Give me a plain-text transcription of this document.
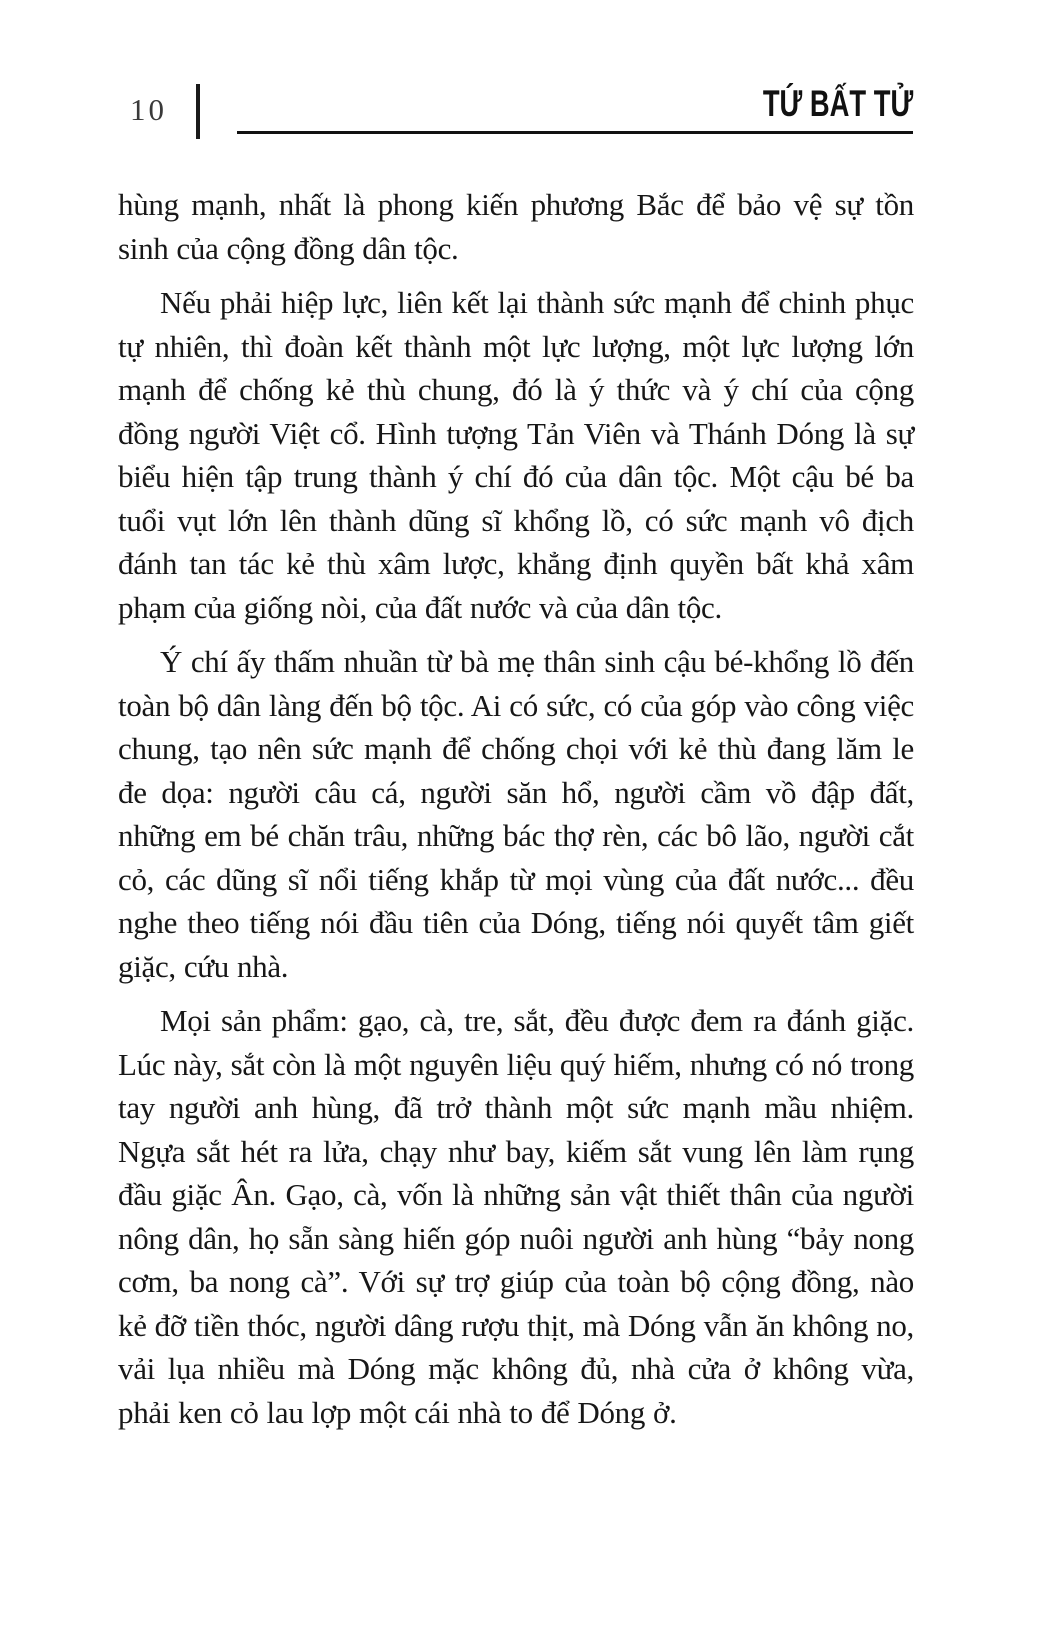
10	TỨ BẤT TỬ

hùng mạnh, nhất là phong kiến phương Bắc để bảo vệ sự tồn sinh của cộng đồng dân tộc.

Nếu phải hiệp lực, liên kết lại thành sức mạnh để chinh phục tự nhiên, thì đoàn kết thành một lực lượng, một lực lượng lớn mạnh để chống kẻ thù chung, đó là ý thức và ý chí của cộng đồng người Việt cổ. Hình tượng Tản Viên và Thánh Dóng là sự biểu hiện tập trung thành ý chí đó của dân tộc. Một cậu bé ba tuổi vụt lớn lên thành dũng sĩ khổng lồ, có sức mạnh vô địch đánh tan tác kẻ thù xâm lược, khẳng định quyền bất khả xâm phạm của giống nòi, của đất nước và của dân tộc.

Ý chí ấy thấm nhuần từ bà mẹ thân sinh cậu bé-khổng lồ đến toàn bộ dân làng đến bộ tộc. Ai có sức, có của góp vào công việc chung, tạo nên sức mạnh để chống chọi với kẻ thù đang lăm le đe dọa: người câu cá, người săn hổ, người cầm vồ đập đất, những em bé chăn trâu, những bác thợ rèn, các bô lão, người cắt cỏ, các dũng sĩ nổi tiếng khắp từ mọi vùng của đất nước... đều nghe theo tiếng nói đầu tiên của Dóng, tiếng nói quyết tâm giết giặc, cứu nhà.

Mọi sản phẩm: gạo, cà, tre, sắt, đều được đem ra đánh giặc. Lúc này, sắt còn là một nguyên liệu quý hiếm, nhưng có nó trong tay người anh hùng, đã trở thành một sức mạnh mầu nhiệm. Ngựa sắt hét ra lửa, chạy như bay, kiếm sắt vung lên làm rụng đầu giặc Ân. Gạo, cà, vốn là những sản vật thiết thân của người nông dân, họ sẵn sàng hiến góp nuôi người anh hùng “bảy nong cơm, ba nong cà”. Với sự trợ giúp của toàn bộ cộng đồng, nào kẻ đỡ tiền thóc, người dâng rượu thịt, mà Dóng vẫn ăn không no, vải lụa nhiều mà Dóng mặc không đủ, nhà cửa ở không vừa, phải ken cỏ lau lợp một cái nhà to để Dóng ở.
